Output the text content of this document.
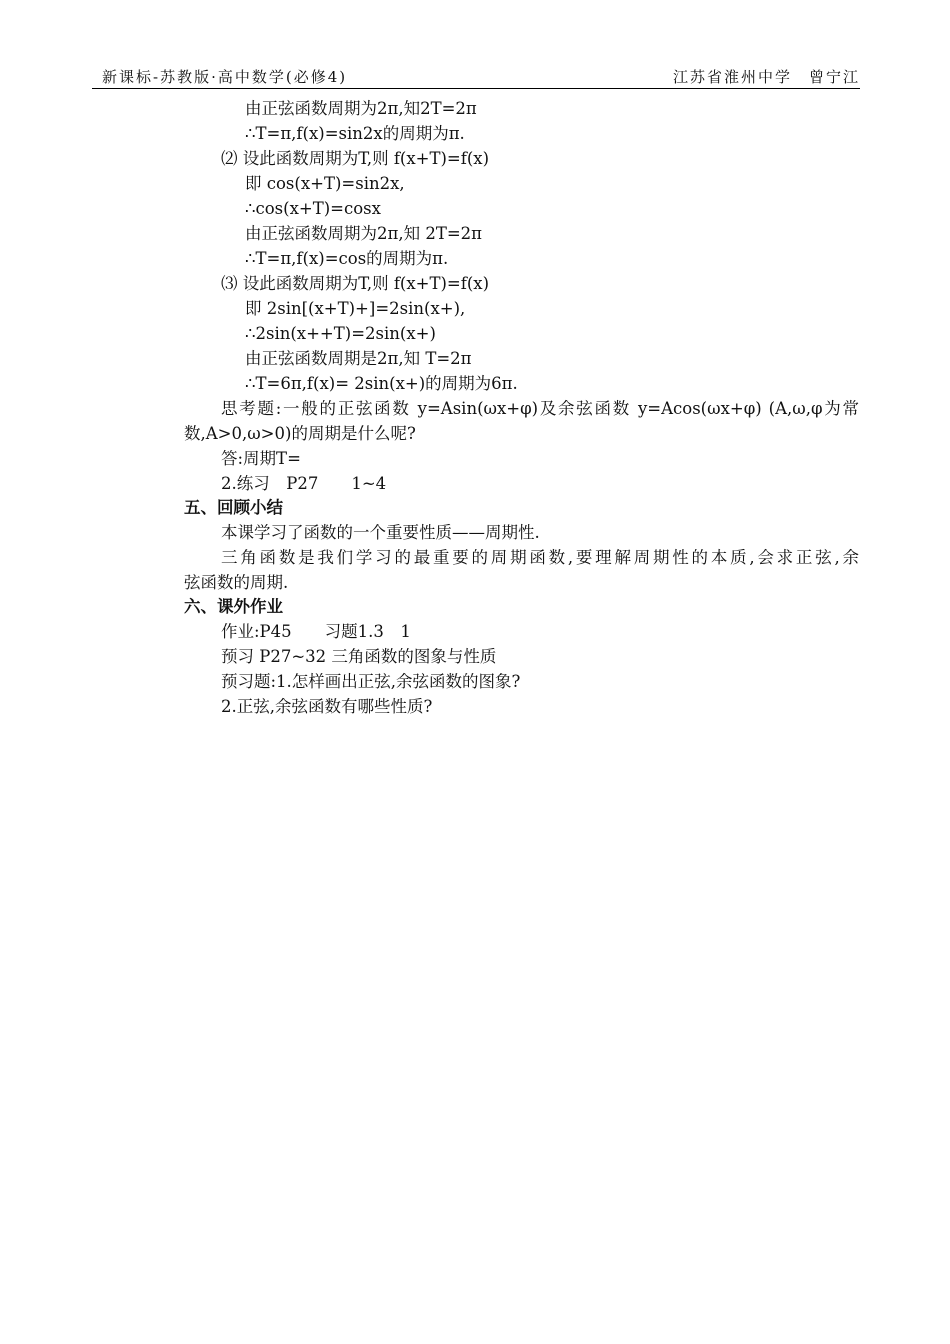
新课标-苏教版·高中数学(必修4)	江苏省淮州中学　曾宁江
由正弦函数周期为2π,知2T=2π
∴T=π,f(x)=sin2x的周期为π.
⑵ 设此函数周期为T,则 f(x+T)=f(x)
即 cos(x+T)=sin2x,
∴cos(x+T)=cosx
由正弦函数周期为2π,知 2T=2π
∴T=π,f(x)=cos的周期为π.
⑶ 设此函数周期为T,则 f(x+T)=f(x)
即 2sin[(x+T)+]=2sin(x+),
∴2sin(x++T)=2sin(x+)
由正弦函数周期是2π,知 T=2π
∴T=6π,f(x)= 2sin(x+)的周期为6π.
思考题:一般的正弦函数 y=Asin(ωx+φ)及余弦函数 y=Acos(ωx+φ) (A,ω,φ为常
数,A>0,ω>0)的周期是什么呢?
答:周期T=
2.练习　P27　　1~4
五、回顾小结
本课学习了函数的一个重要性质——周期性.
三角函数是我们学习的最重要的周期函数,要理解周期性的本质,会求正弦,余
弦函数的周期.
六、课外作业
作业:P45　　习题1.3　1
预习 P27~32 三角函数的图象与性质
预习题:1.怎样画出正弦,余弦函数的图象?
2.正弦,余弦函数有哪些性质?
